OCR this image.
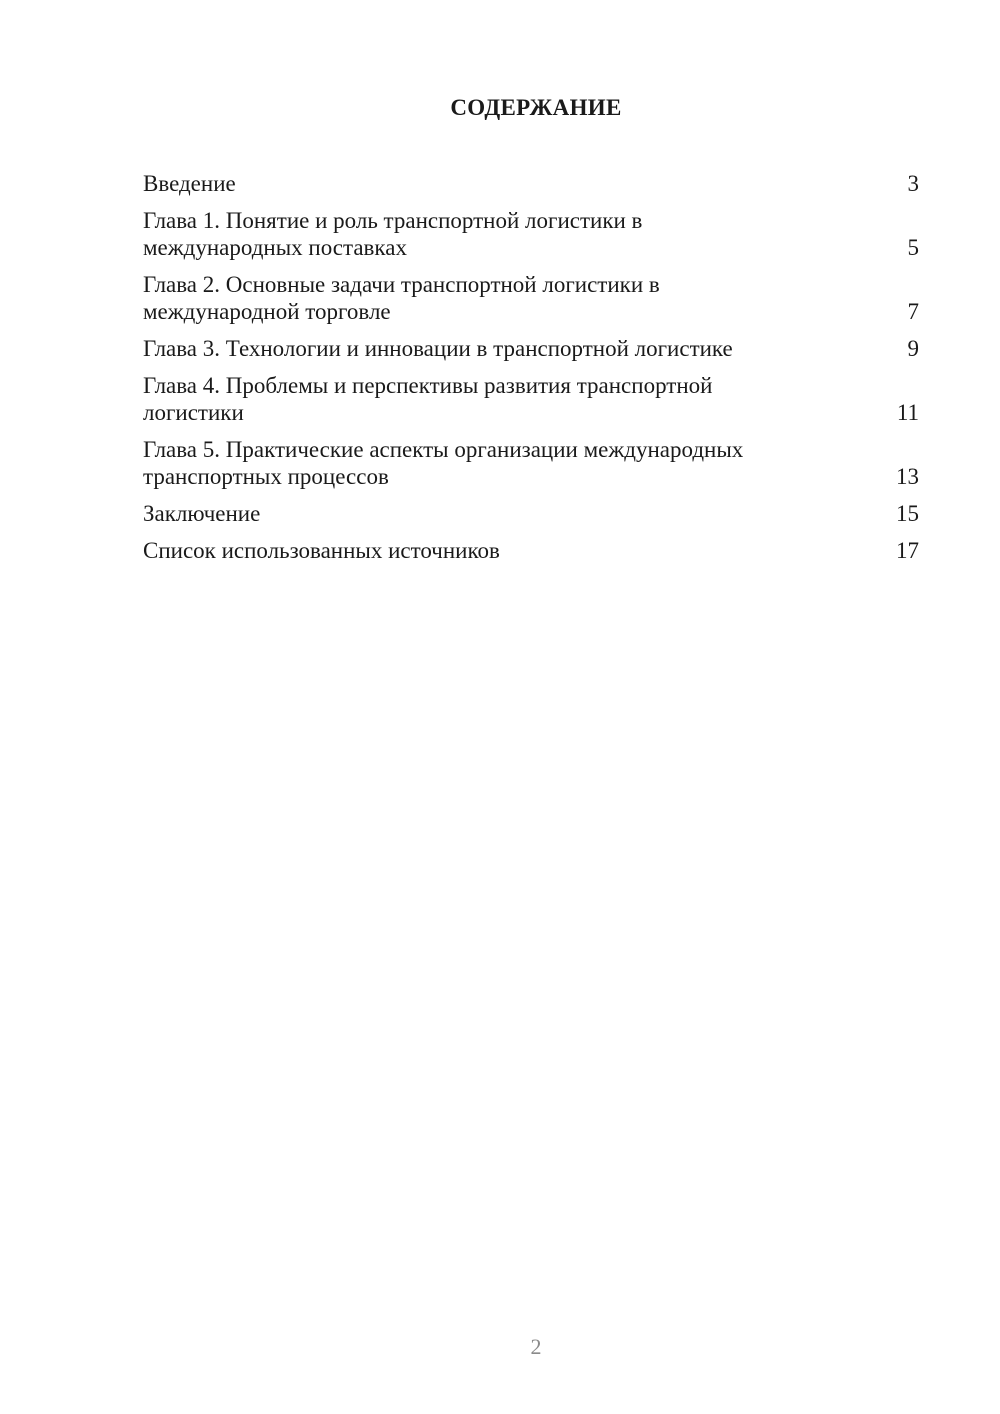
СОДЕРЖАНИЕ
Введение	3
Глава 1. Понятие и роль транспортной логистики в
международных поставках	5
Глава 2. Основные задачи транспортной логистики в
международной торговле	7
Глава 3. Технологии и инновации в транспортной логистике	9
Глава 4. Проблемы и перспективы развития транспортной
логистики	11
Глава 5. Практические аспекты организации международных
транспортных процессов	13
Заключение	15
Список использованных источников	17
2
